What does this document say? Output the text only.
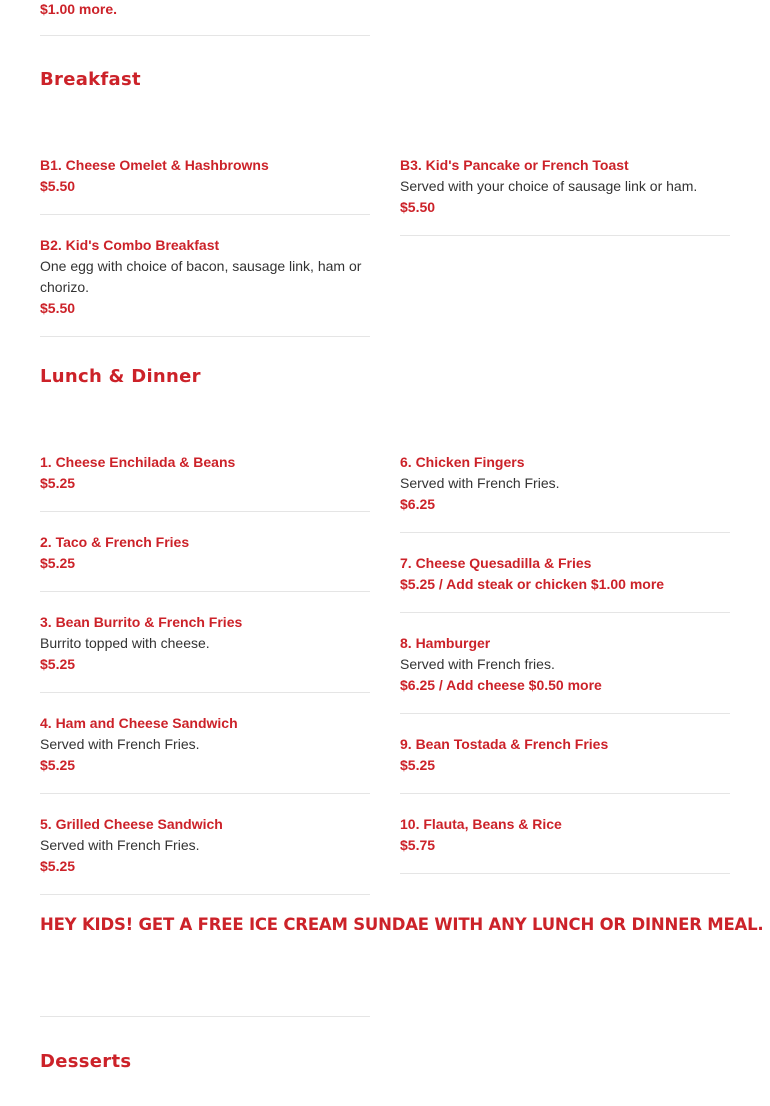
$1.00 more.
Breakfast
B1. Cheese Omelet & Hashbrowns
$5.50
B2. Kid's Combo Breakfast
One egg with choice of bacon, sausage link, ham or chorizo.
$5.50
B3. Kid's Pancake or French Toast
Served with your choice of sausage link or ham.
$5.50
Lunch & Dinner
1. Cheese Enchilada & Beans
$5.25
2. Taco & French Fries
$5.25
3. Bean Burrito & French Fries
Burrito topped with cheese.
$5.25
4. Ham and Cheese Sandwich
Served with French Fries.
$5.25
5. Grilled Cheese Sandwich
Served with French Fries.
$5.25
6. Chicken Fingers
Served with French Fries.
$6.25
7. Cheese Quesadilla & Fries
$5.25 / Add steak or chicken $1.00 more
8. Hamburger
Served with French fries.
$6.25 / Add cheese $0.50 more
9. Bean Tostada & French Fries
$5.25
10. Flauta, Beans & Rice
$5.75
HEY KIDS! GET A FREE ICE CREAM SUNDAE WITH ANY LUNCH OR DINNER MEAL.
Desserts
